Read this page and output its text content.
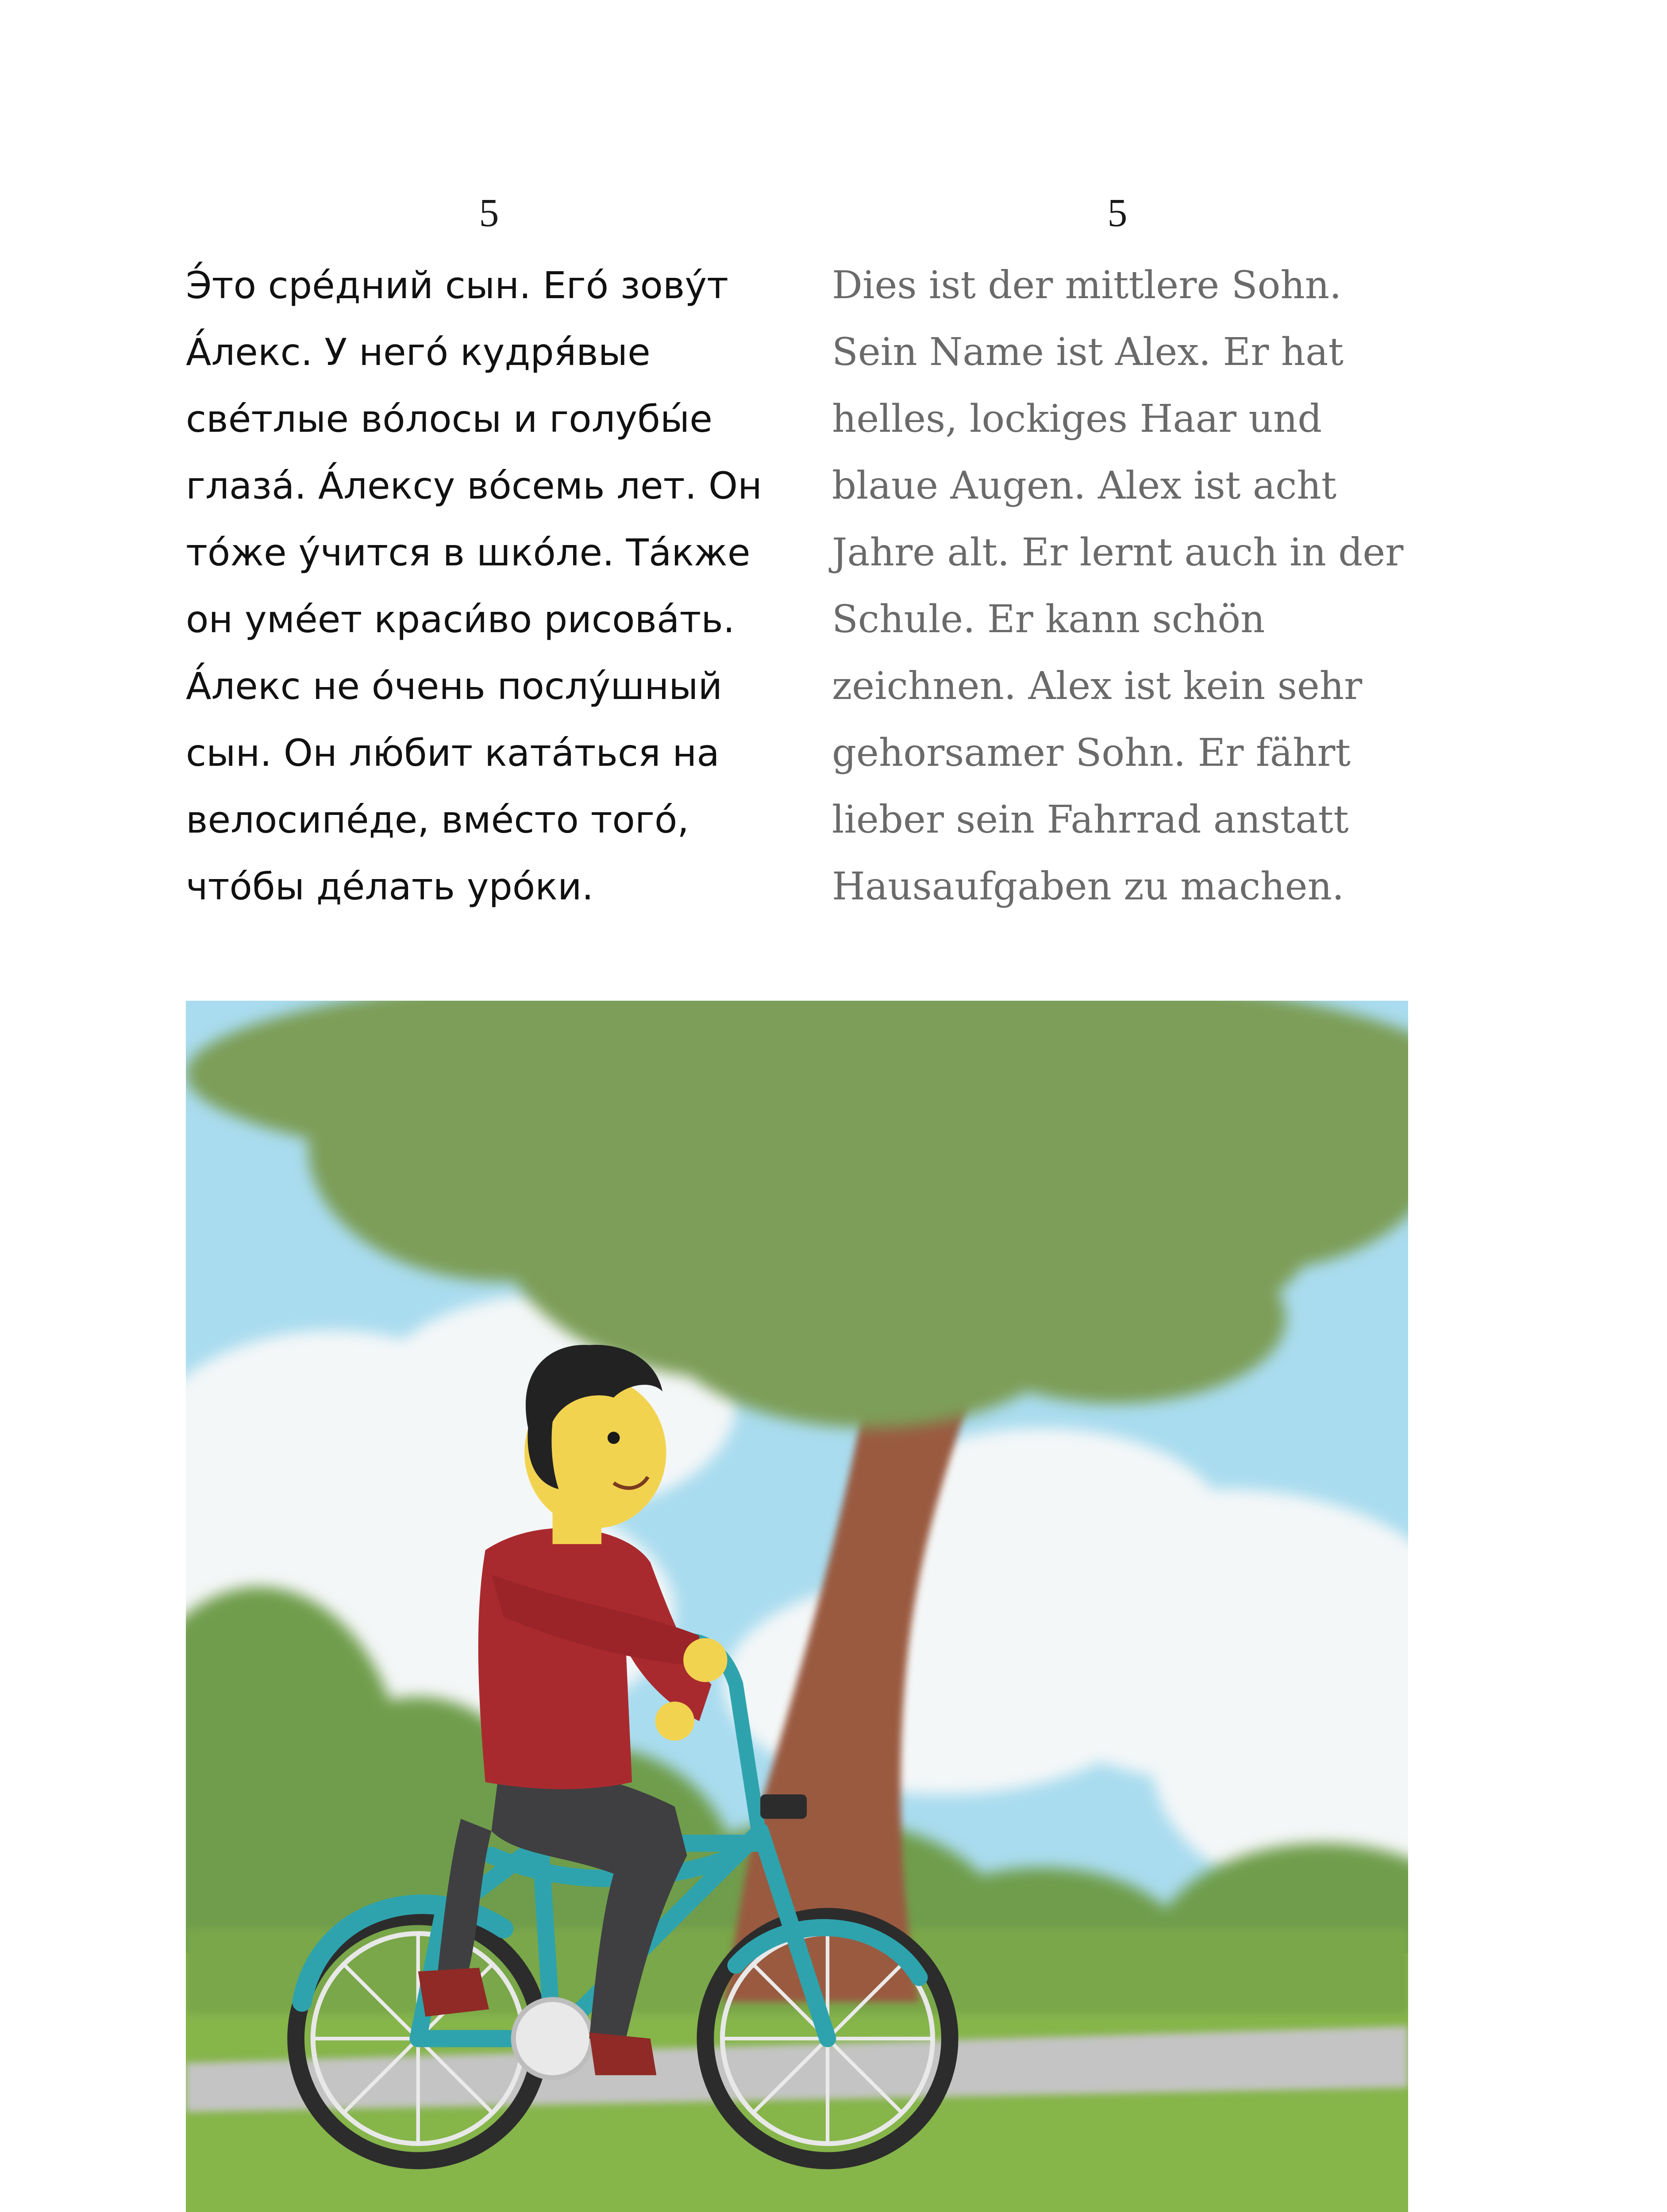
5	5
Э́то сре́дний сын. Его́ зову́т
А́лекс. У него́ кудря́вые
све́тлые во́лосы и голубы́е
глаза́. А́лексу во́семь лет. Он
то́же у́чится в шко́ле. Та́кже
он уме́ет краси́во рисова́ть.
А́лекс не о́чень послу́шный
сын. Он лю́бит ката́ться на
велосипе́де, вме́сто того́,
что́бы де́лать уро́ки.
Dies ist der mittlere Sohn.
Sein Name ist Alex. Er hat
helles, lockiges Haar und
blaue Augen. Alex ist acht
Jahre alt. Er lernt auch in der
Schule. Er kann schön
zeichnen. Alex ist kein sehr
gehorsamer Sohn. Er fährt
lieber sein Fahrrad anstatt
Hausaufgaben zu machen.
